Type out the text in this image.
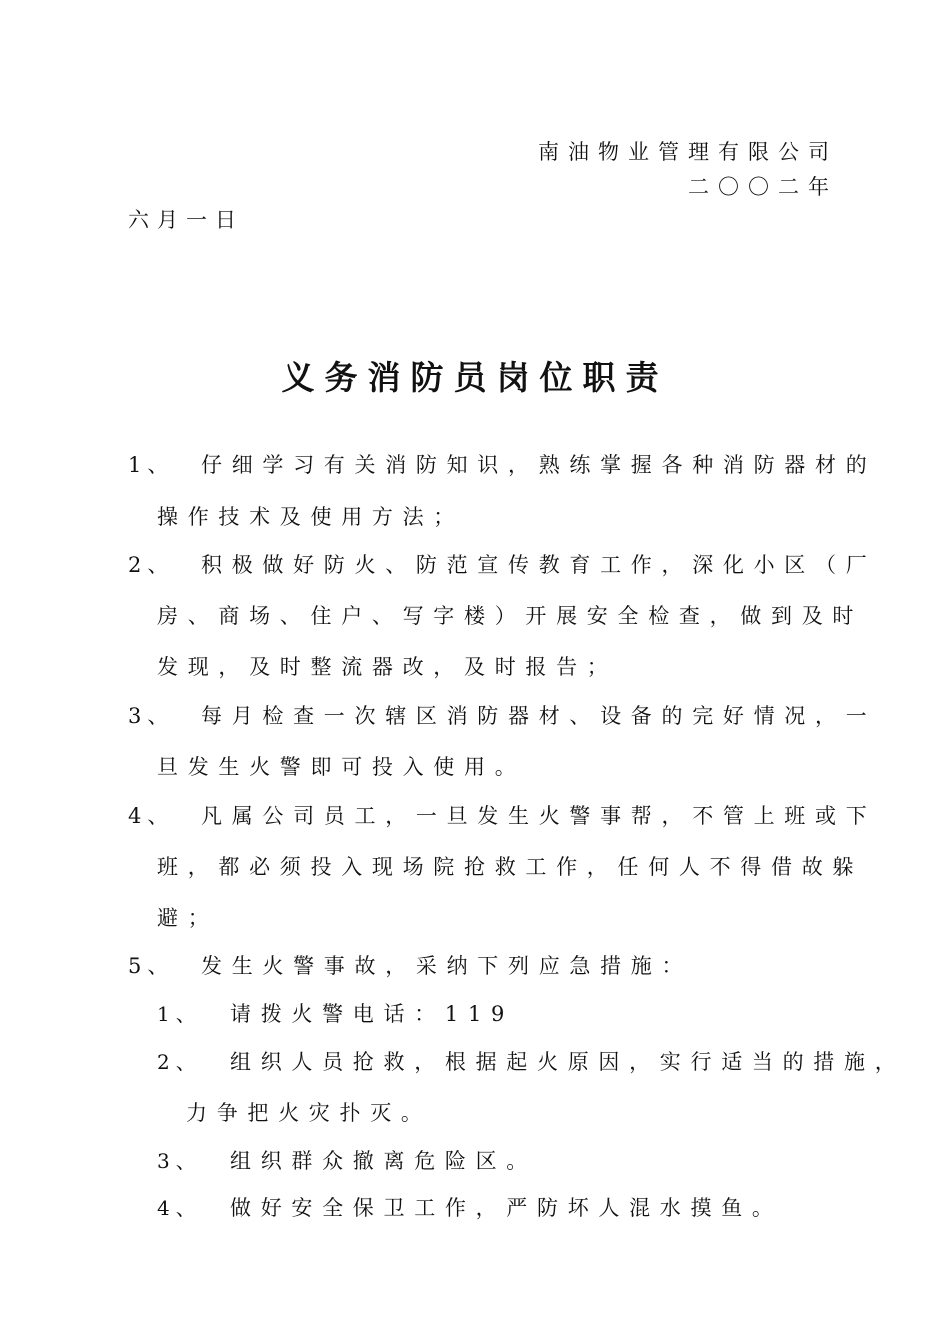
南油物业管理有限公司
二〇〇二年
六月一日
义务消防员岗位职责
1、 仔细学习有关消防知识，熟练掌握各种消防器材的
操作技术及使用方法；
2、 积极做好防火、防范宣传教育工作，深化小区（厂
房、商场、住户、写字楼）开展安全检查，做到及时
发现，及时整流器改，及时报告；
3、 每月检查一次辖区消防器材、设备的完好情况，一
旦发生火警即可投入使用。
4、 凡属公司员工，一旦发生火警事帮，不管上班或下
班，都必须投入现场院抢救工作，任何人不得借故躲
避；
5、 发生火警事故，采纳下列应急措施：
1、 请拨火警电话：119
2、 组织人员抢救，根据起火原因，实行适当的措施，
力争把火灾扑灭。
3、 组织群众撤离危险区。
4、 做好安全保卫工作，严防坏人混水摸鱼。
